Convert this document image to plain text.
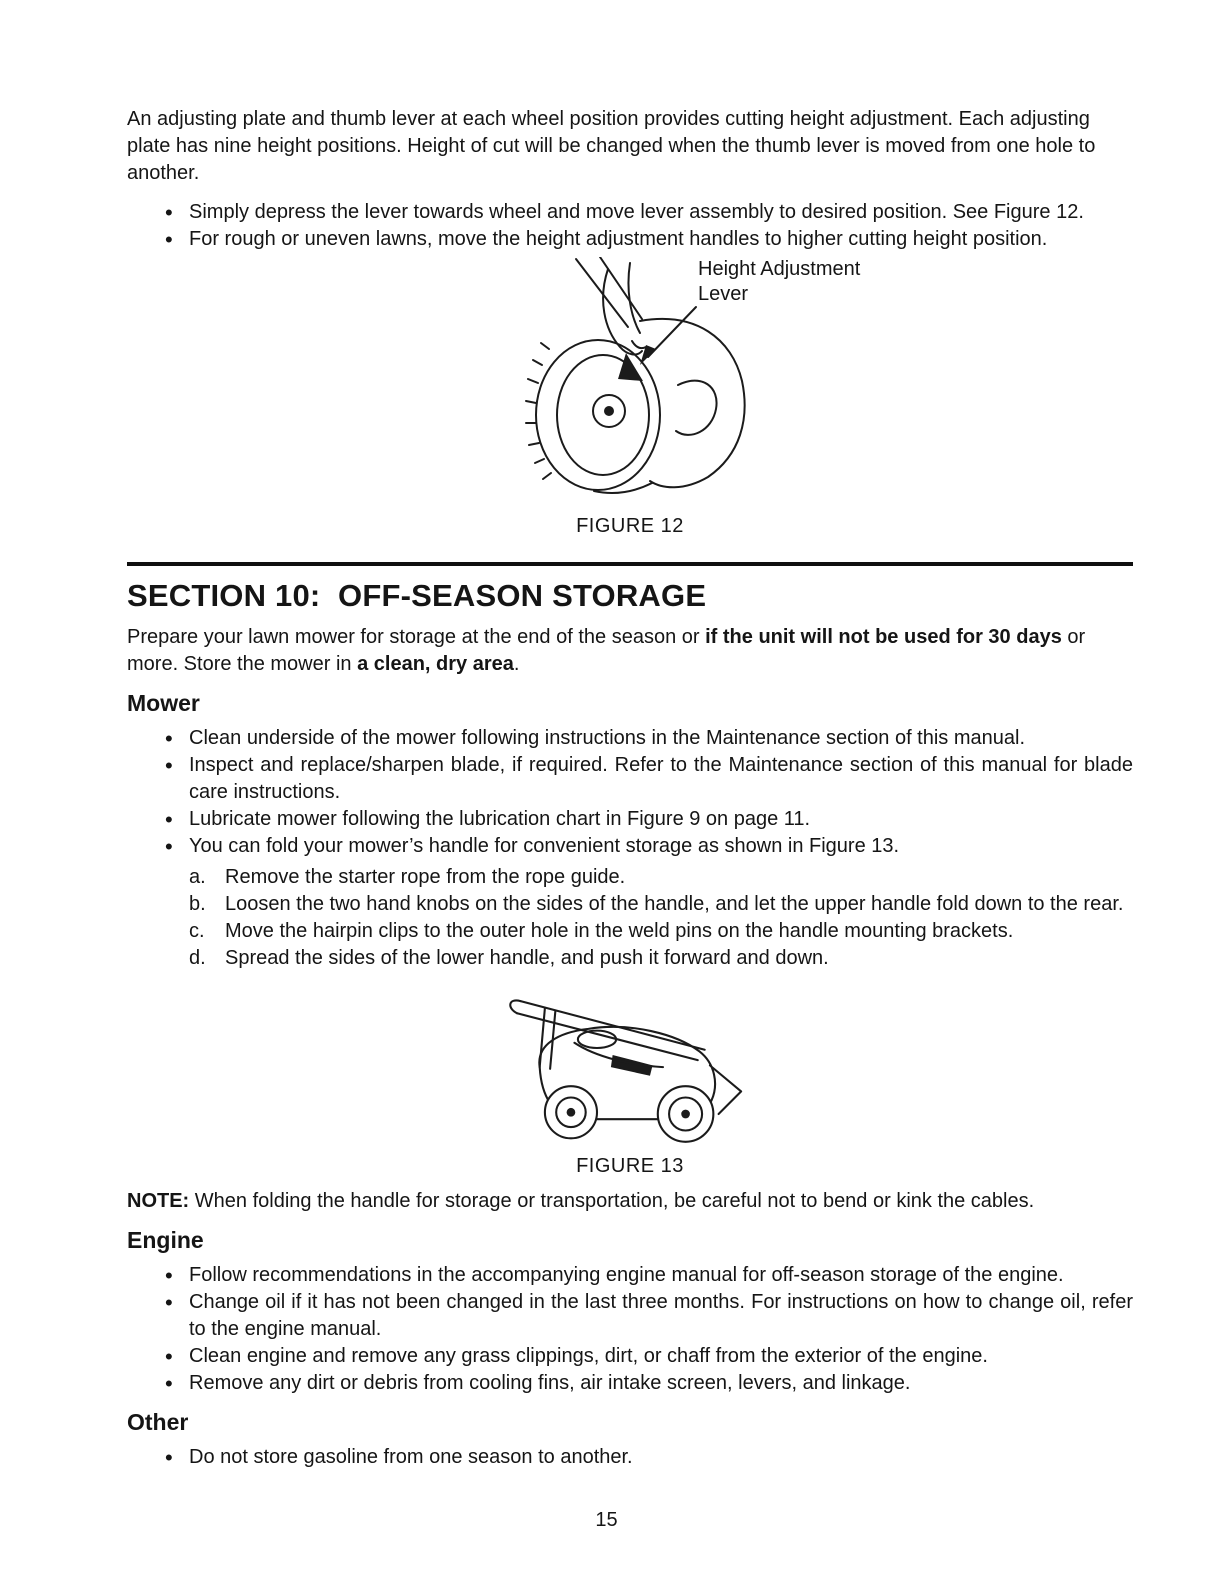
An adjusting plate and thumb lever at each wheel position provides cutting height adjustment. Each adjusting plate has nine height positions. Height of cut will be changed when the thumb lever is moved from one hole to another.

• Simply depress the lever towards wheel and move lever assembly to desired position. See Figure 12.
• For rough or uneven lawns, move the height adjustment handles to higher cutting height position.
Height Adjustment
Lever
FIGURE 12
SECTION 10:  OFF-SEASON STORAGE

Prepare your lawn mower for storage at the end of the season or if the unit will not be used for 30 days or more. Store the mower in a clean, dry area.

Mower
• Clean underside of the mower following instructions in the Maintenance section of this manual.
• Inspect and replace/sharpen blade, if required. Refer to the Maintenance section of this manual for blade care instructions.
• Lubricate mower following the lubrication chart in Figure 9 on page 11.
• You can fold your mower’s handle for convenient storage as shown in Figure 13.
a. Remove the starter rope from the rope guide.
b. Loosen the two hand knobs on the sides of the handle, and let the upper handle fold down to the rear.
c.	Move the hairpin clips to the outer hole in the weld pins on the handle mounting brackets.
d. Spread the sides of the lower handle, and push it forward and down.
FIGURE 13

NOTE: When folding the handle for storage or transportation, be careful not to bend or kink the cables.

Engine
• Follow recommendations in the accompanying engine manual for off-season storage of the engine.
• Change oil if it has not been changed in the last three months. For instructions on how to change oil, refer to the engine manual.
• Clean engine and remove any grass clippings, dirt, or chaff from the exterior of the engine.
• Remove any dirt or debris from cooling fins, air intake screen, levers, and linkage.
Other
• Do not store gasoline from one season to another.
15
